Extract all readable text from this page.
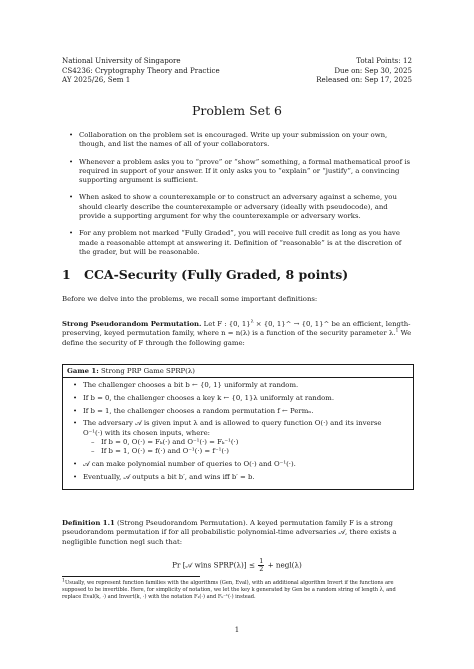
National University of Singapore
CS4236: Cryptography Theory and Practice
AY 2025/26, Sem 1
Total Points: 12
Due on: Sep 30, 2025
Released on: Sep 17, 2025
Problem Set 6
• Collaboration on the problem set is encouraged. Write up your submission on your own, though, and list the names of all of your collaborators.
• Whenever a problem asks you to “prove” or “show” something, a formal mathematical proof is required in support of your answer. If it only asks you to “explain” or “justify”, a convincing supporting argument is sufficient.
• When asked to show a counterexample or to construct an adversary against a scheme, you should clearly describe the counterexample or adversary (ideally with pseudocode), and provide a supporting argument for why the counterexample or adversary works.
• For any problem not marked “Fully Graded”, you will receive full credit as long as you have made a reasonable attempt at answering it. Definition of “reasonable” is at the discretion of the grader, but will be reasonable.
1 CCA-Security (Fully Graded, 8 points)
Before we delve into the problems, we recall some important definitions:
Strong Pseudorandom Permutation. Let F : {0, 1}$^\lambda$ × {0, 1}^ → {0, 1}^ be an efficient, length-preserving, keyed permutation family, where n = n(λ) is a function of the security parameter λ.$^1$ We define the security of F through the following game:
Game 1: Strong PRP Game SPRP(λ)
• The challenger chooses a bit b ← {0, 1} uniformly at random.
• If b = 0, the challenger chooses a key k ← {0, 1}λ uniformly at random.
• If b = 1, the challenger chooses a random permutation f ← Permₙ.
• The adversary 𝒜 is given input λ and is allowed to query function O(·) and its inverse O⁻¹(·) with its chosen inputs, where:
– If b = 0, O(·) = Fₖ(·) and O⁻¹(·) = Fₖ⁻¹(·)
– If b = 1, O(·) = f(·) and O⁻¹(·) = f⁻¹(·)
• 𝒜 can make polynomial number of queries to O(·) and O⁻¹(·).
• Eventually, 𝒜 outputs a bit b′, and wins iff b′ = b.
Definition 1.1 (Strong Pseudorandom Permutation). A keyed permutation family F is a strong pseudorandom permutation if for all probabilistic polynomial-time adversaries 𝒜, there exists a negligible function negl such that:
Pr [𝒜 wins SPRP(λ)] ≤ $\frac{1}{2}$ + negl(λ)
$^1$Usually, we represent function families with the algorithms (Gen, Eval), with an additional algorithm Invert if the functions are supposed to be invertible. Here, for simplicity of notation, we let the key k generated by Gen be a random string of length λ, and replace Eval(k, ·) and Invert(k, ·) with the notation Fₖ(·) and Fₖ⁻¹(·) instead.
1
